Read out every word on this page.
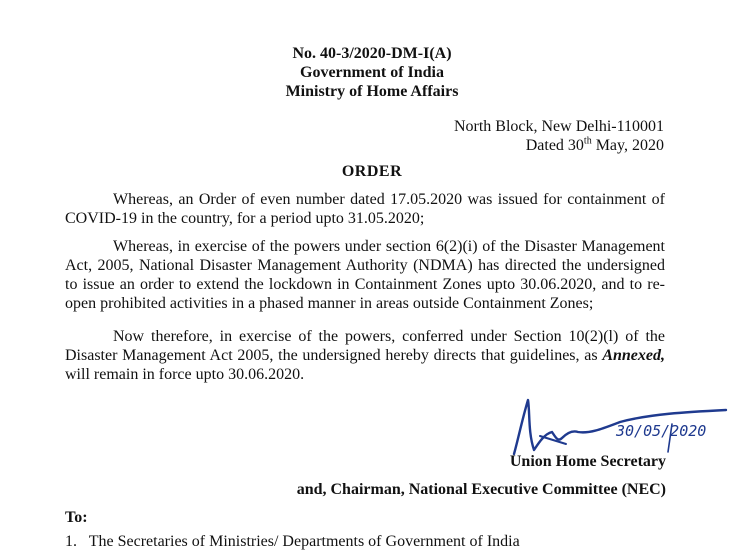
No. 40-3/2020-DM-I(A)
Government of India
Ministry of Home Affairs
North Block, New Delhi-110001
Dated 30th May, 2020
ORDER
Whereas, an Order of even number dated 17.05.2020 was issued for containment of COVID-19 in the country, for a period upto 31.05.2020;
Whereas, in exercise of the powers under section 6(2)(i) of the Disaster Management Act, 2005, National Disaster Management Authority (NDMA) has directed the undersigned to issue an order to extend the lockdown in Containment Zones upto 30.06.2020, and to re-open prohibited activities in a phased manner in areas outside Containment Zones;
Now therefore, in exercise of the powers, conferred under Section 10(2)(l) of the Disaster Management Act 2005, the undersigned hereby directs that guidelines, as Annexed, will remain in force upto 30.06.2020.
30/05/2020
Union Home Secretary
and, Chairman, National Executive Committee (NEC)
To:
1.   The Secretaries of Ministries/ Departments of Government of India
